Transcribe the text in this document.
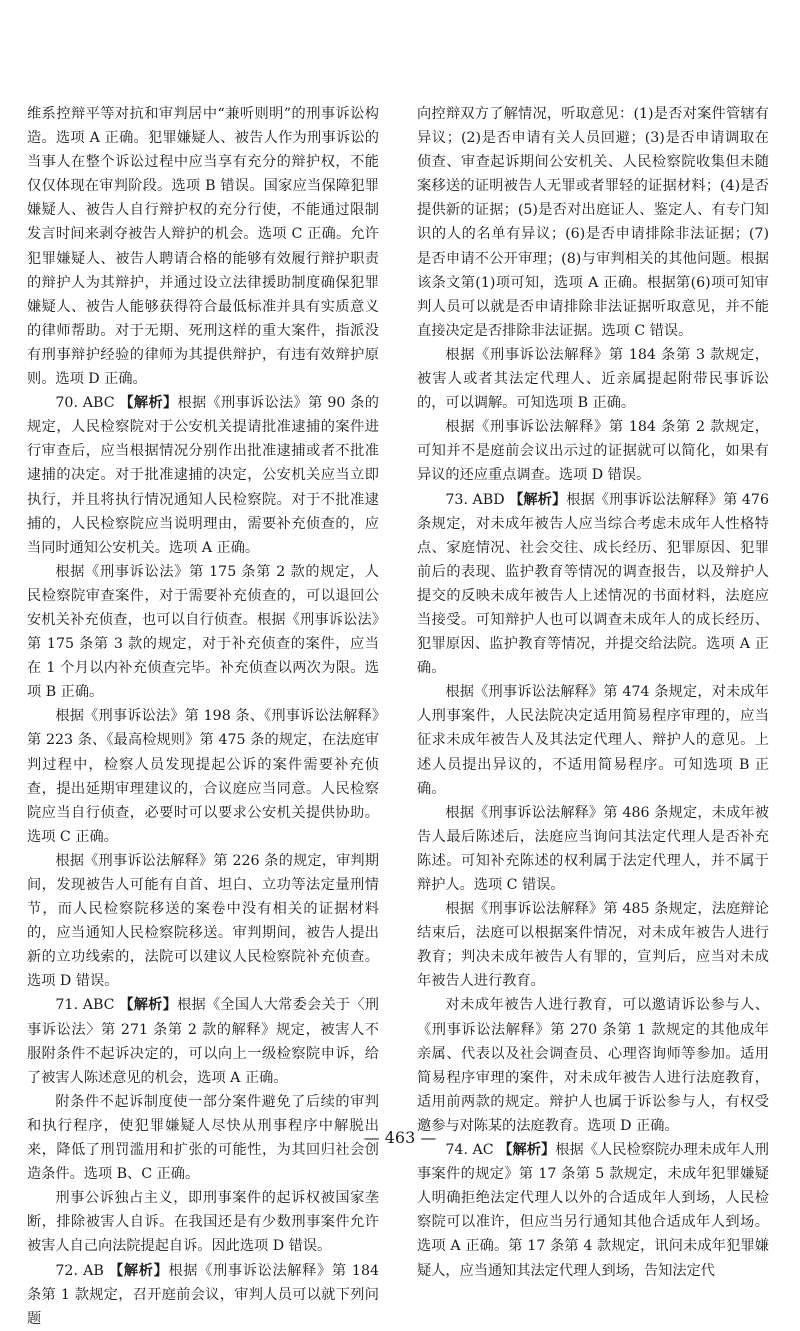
维系控辩平等对抗和审判居中“兼听则明”的刑事诉讼构造。选项 A 正确。犯罪嫌疑人、被告人作为刑事诉讼的当事人在整个诉讼过程中应当享有充分的辩护权，不能仅仅体现在审判阶段。选项 B 错误。国家应当保障犯罪嫌疑人、被告人自行辩护权的充分行使，不能通过限制发言时间来剥夺被告人辩护的机会。选项 C 正确。允许犯罪嫌疑人、被告人聘请合格的能够有效履行辩护职责的辩护人为其辩护，并通过设立法律援助制度确保犯罪嫌疑人、被告人能够获得符合最低标准并具有实质意义的律师帮助。对于无期、死刑这样的重大案件，指派没有刑事辩护经验的律师为其提供辩护，有违有效辩护原则。选项 D 正确。

70. ABC 【解析】根据《刑事诉讼法》第 90 条的规定，人民检察院对于公安机关提请批准逮捕的案件进行审查后，应当根据情况分别作出批准逮捕或者不批准逮捕的决定。对于批准逮捕的决定，公安机关应当立即执行，并且将执行情况通知人民检察院。对于不批准逮捕的，人民检察院应当说明理由，需要补充侦查的，应当同时通知公安机关。选项 A 正确。

根据《刑事诉讼法》第 175 条第 2 款的规定，人民检察院审查案件，对于需要补充侦查的，可以退回公安机关补充侦查，也可以自行侦查。根据《刑事诉讼法》第 175 条第 3 款的规定，对于补充侦查的案件，应当在 1 个月以内补充侦查完毕。补充侦查以两次为限。选项 B 正确。

根据《刑事诉讼法》第 198 条、《刑事诉讼法解释》第 223 条、《最高检规则》第 475 条的规定，在法庭审判过程中，检察人员发现提起公诉的案件需要补充侦查，提出延期审理建议的，合议庭应当同意。人民检察院应当自行侦查，必要时可以要求公安机关提供协助。选项 C 正确。

根据《刑事诉讼法解释》第 226 条的规定，审判期间，发现被告人可能有自首、坦白、立功等法定量刑情节，而人民检察院移送的案卷中没有相关的证据材料的，应当通知人民检察院移送。审判期间，被告人提出新的立功线索的，法院可以建议人民检察院补充侦查。选项 D 错误。

71. ABC 【解析】根据《全国人大常委会关于〈刑事诉讼法〉第 271 条第 2 款的解释》规定，被害人不服附条件不起诉决定的，可以向上一级检察院申诉，给了被害人陈述意见的机会，选项 A 正确。

附条件不起诉制度使一部分案件避免了后续的审判和执行程序，使犯罪嫌疑人尽快从刑事程序中解脱出来，降低了刑罚滥用和扩张的可能性，为其回归社会创造条件。选项 B、C 正确。

刑事公诉独占主义，即刑事案件的起诉权被国家垄断，排除被害人自诉。在我国还是有少数刑事案件允许被害人自己向法院提起自诉。因此选项 D 错误。

72. AB 【解析】根据《刑事诉讼法解释》第 184 条第 1 款规定，召开庭前会议，审判人员可以就下列问题

向控辩双方了解情况，听取意见：(1)是否对案件管辖有异议；(2)是否申请有关人员回避；(3)是否申请调取在侦查、审查起诉期间公安机关、人民检察院收集但未随案移送的证明被告人无罪或者罪轻的证据材料；(4)是否提供新的证据；(5)是否对出庭证人、鉴定人、有专门知识的人的名单有异议；(6)是否申请排除非法证据；(7)是否申请不公开审理；(8)与审判相关的其他问题。根据该条文第(1)项可知，选项 A 正确。根据第(6)项可知审判人员可以就是否申请排除非法证据听取意见，并不能直接决定是否排除非法证据。选项 C 错误。

根据《刑事诉讼法解释》第 184 条第 3 款规定，被害人或者其法定代理人、近亲属提起附带民事诉讼的，可以调解。可知选项 B 正确。

根据《刑事诉讼法解释》第 184 条第 2 款规定，可知并不是庭前会议出示过的证据就可以简化，如果有异议的还应重点调查。选项 D 错误。

73. ABD 【解析】根据《刑事诉讼法解释》第 476 条规定，对未成年被告人应当综合考虑未成年人性格特点、家庭情况、社会交往、成长经历、犯罪原因、犯罪前后的表现、监护教育等情况的调查报告，以及辩护人提交的反映未成年被告人上述情况的书面材料，法庭应当接受。可知辩护人也可以调查未成年人的成长经历、犯罪原因、监护教育等情况，并提交给法院。选项 A 正确。

根据《刑事诉讼法解释》第 474 条规定，对未成年人刑事案件，人民法院决定适用简易程序审理的，应当征求未成年被告人及其法定代理人、辩护人的意见。上述人员提出异议的，不适用简易程序。可知选项 B 正确。

根据《刑事诉讼法解释》第 486 条规定，未成年被告人最后陈述后，法庭应当询问其法定代理人是否补充陈述。可知补充陈述的权利属于法定代理人，并不属于辩护人。选项 C 错误。

根据《刑事诉讼法解释》第 485 条规定，法庭辩论结束后，法庭可以根据案件情况，对未成年被告人进行教育；判决未成年被告人有罪的，宣判后，应当对未成年被告人进行教育。

对未成年被告人进行教育，可以邀请诉讼参与人、《刑事诉讼法解释》第 270 条第 1 款规定的其他成年亲属、代表以及社会调查员、心理咨询师等参加。适用简易程序审理的案件，对未成年被告人进行法庭教育，适用前两款的规定。辩护人也属于诉讼参与人，有权受邀参与对陈某的法庭教育。选项 D 正确。

74. AC 【解析】根据《人民检察院办理未成年人刑事案件的规定》第 17 条第 5 款规定，未成年犯罪嫌疑人明确拒绝法定代理人以外的合适成年人到场，人民检察院可以准许，但应当另行通知其他合适成年人到场。选项 A 正确。第 17 条第 4 款规定，讯问未成年犯罪嫌疑人，应当通知其法定代理人到场，告知法定代

— 463 —
